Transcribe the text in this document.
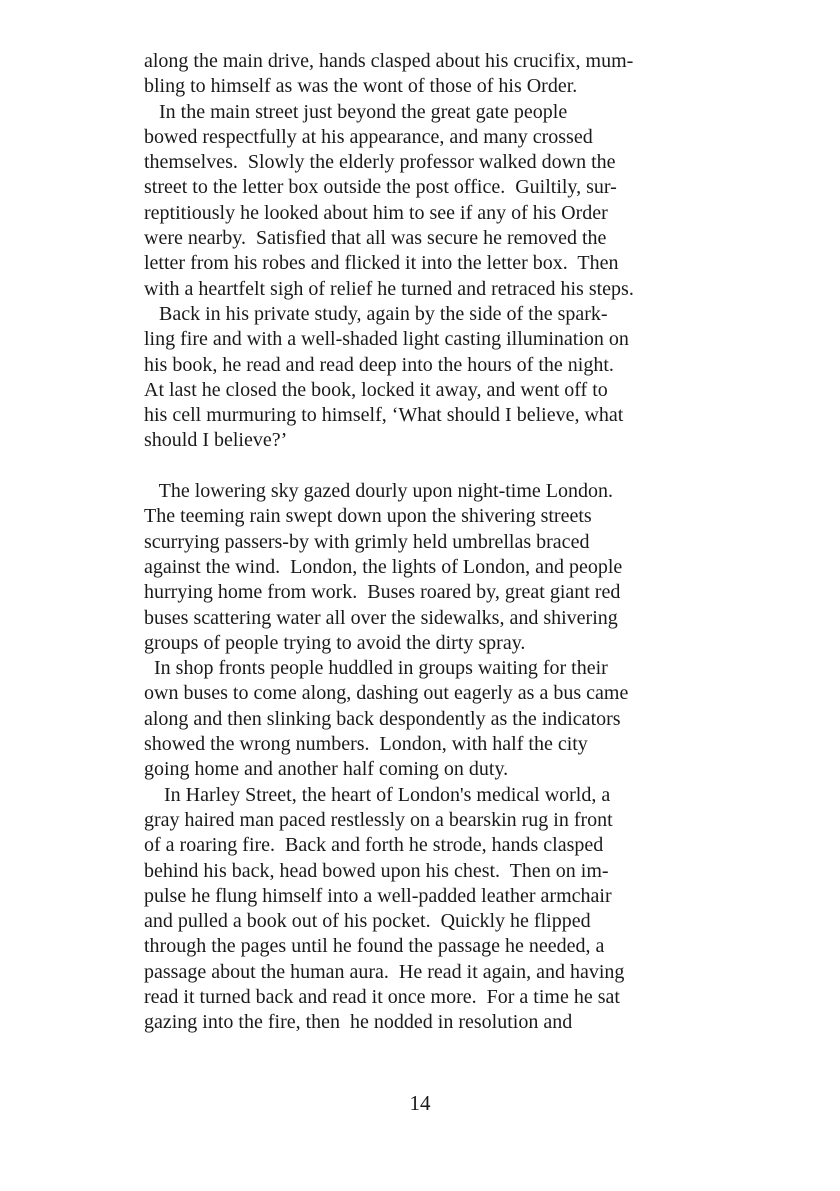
along the main drive, hands clasped about his crucifix, mum-
bling to himself as was the wont of those of his Order.
In the main street just beyond the great gate people
bowed respectfully at his appearance, and many crossed
themselves.  Slowly the elderly professor walked down the
street to the letter box outside the post office.  Guiltily, sur-
reptitiously he looked about him to see if any of his Order
were nearby.  Satisfied that all was secure he removed the
letter from his robes and flicked it into the letter box.  Then
with a heartfelt sigh of relief he turned and retraced his steps.
Back in his private study, again by the side of the spark-
ling fire and with a well-shaded light casting illumination on
his book, he read and read deep into the hours of the night.
At last he closed the book, locked it away, and went off to
his cell murmuring to himself, ‘What should I believe, what
should I believe?’
The lowering sky gazed dourly upon night-time London.
The teeming rain swept down upon the shivering streets
scurrying passers-by with grimly held umbrellas braced
against the wind.  London, the lights of London, and people
hurrying home from work.  Buses roared by, great giant red
buses scattering water all over the sidewalks, and shivering
groups of people trying to avoid the dirty spray.
In shop fronts people huddled in groups waiting for their
own buses to come along, dashing out eagerly as a bus came
along and then slinking back despondently as the indicators
showed the wrong numbers.  London, with half the city
going home and another half coming on duty.
In Harley Street, the heart of London's medical world, a
gray haired man paced restlessly on a bearskin rug in front
of a roaring fire.  Back and forth he strode, hands clasped
behind his back, head bowed upon his chest.  Then on im-
pulse he flung himself into a well-padded leather armchair
and pulled a book out of his pocket.  Quickly he flipped
through the pages until he found the passage he needed, a
passage about the human aura.  He read it again, and having
read it turned back and read it once more.  For a time he sat
gazing into the fire, then  he nodded in resolution and
14
